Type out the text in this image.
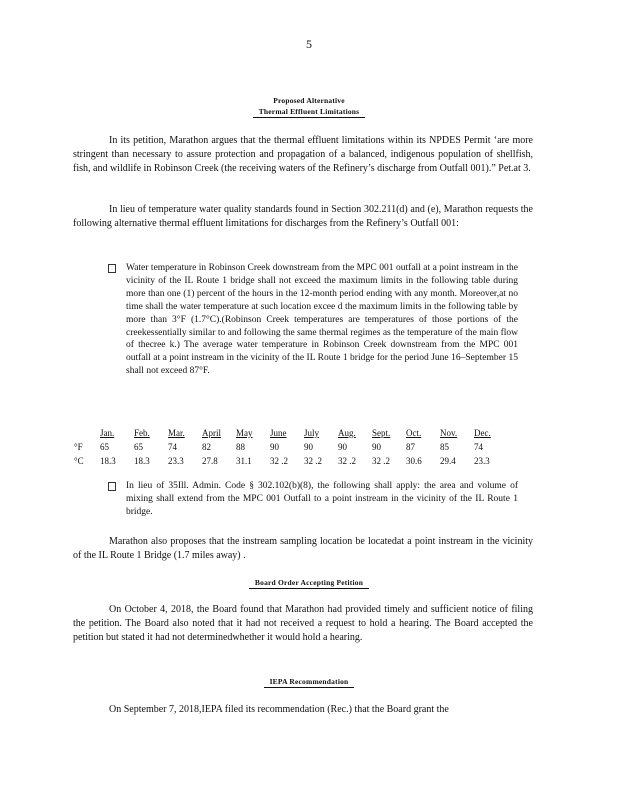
5
Proposed Alternative
Thermal Effluent Limitations

In its petition, Marathon argues that the thermal effluent limitations within its NPDES Permit ‘are more stringent than necessary to assure protection and propagation of a balanced, indigenous population of shellfish, fish, and wildlife in Robinson Creek (the receiving waters of the Refinery’s discharge from Outfall 001).” Pet.at 3.

In lieu of temperature water quality standards found in Section 302.211(d) and (e), Marathon requests the following alternative thermal effluent limitations for discharges from the Refinery’s Outfall 001:

Water temperature in Robinson Creek downstream from the MPC 001 outfall at a point instream in the vicinity of the IL Route 1 bridge shall not exceed the maximum limits in the following table during more than one (1) percent of the hours in the 12-month period ending with any month. Moreover,at no time shall the water temperature at such location excee d the maximum limits in the following table by more than 3°F (1.7°C).(Robinson Creek temperatures are temperatures of those portions of the creekessentially similar to and following the same thermal regimes as the temperature of the main flow of thecree k.) The average water temperature in Robinson Creek downstream from the MPC 001 outfall at a point instream in the vicinity of the IL Route 1 bridge for the period June 16–September 15 shall not exceed 87°F.

	Jan.	Feb.	Mar.	April	May	June	July	Aug.	Sept.	Oct.	Nov.	Dec.
°F	65	65	74	82	88	90	90	90	90	87	85	74
°C	18.3	18.3	23.3	27.8	31.1	32 .2	32 .2	32 .2	32 .2	30.6	29.4	23.3

In lieu of 35Ill. Admin. Code § 302.102(b)(8), the following shall apply: the area and volume of mixing shall extend from the MPC 001 Outfall to a point instream in the vicinity of the IL Route 1 bridge.

Marathon also proposes that the instream sampling location be locatedat a point instream in the vicinity of the IL Route 1 Bridge (1.7 miles away) .

Board Order Accepting Petition

On October 4, 2018, the Board found that Marathon had provided timely and sufficient notice of filing the petition. The Board also noted that it had not received a request to hold a hearing. The Board accepted the petition but stated it had not determinedwhether it would hold a hearing.

IEPA Recommendation

On September 7, 2018,IEPA filed its recommendation (Rec.) that the Board grant the
